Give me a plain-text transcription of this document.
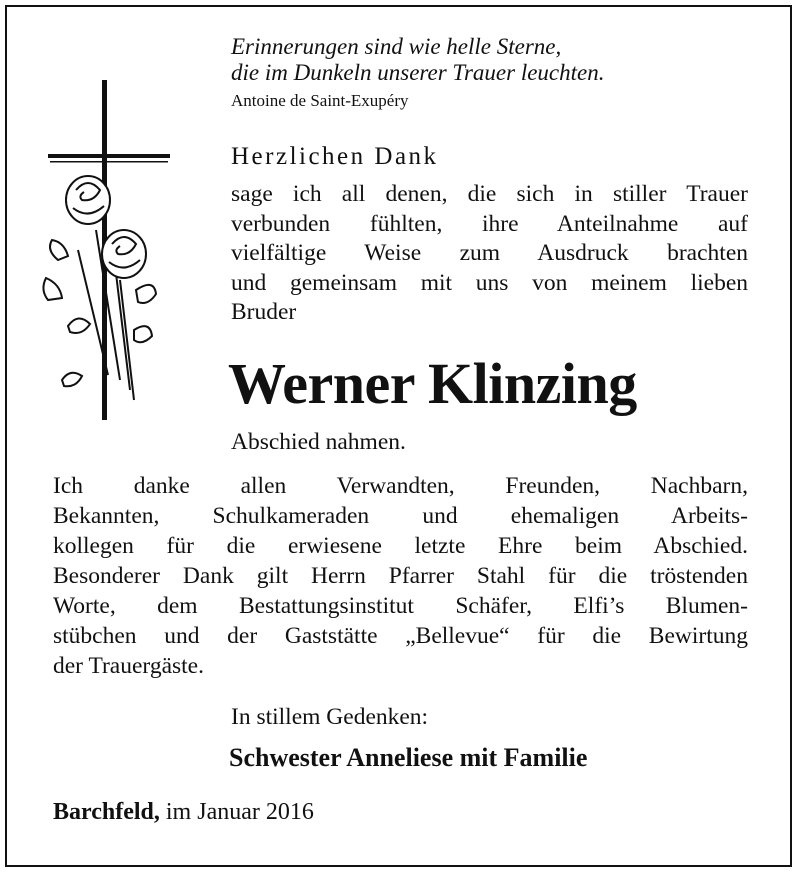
Erinnerungen sind wie helle Sterne,
die im Dunkeln unserer Trauer leuchten.
Antoine de Saint-Exupéry
Herzlichen Dank
sage ich all denen, die sich in stiller Trauer
verbunden fühlten, ihre Anteilnahme auf
vielfältige Weise zum Ausdruck brachten
und gemeinsam mit uns von meinem lieben
Bruder
Werner Klinzing
Abschied nahmen.
Ich danke allen Verwandten, Freunden, Nachbarn,
Bekannten, Schulkameraden und ehemaligen Arbeits-
kollegen für die erwiesene letzte Ehre beim Abschied.
Besonderer Dank gilt Herrn Pfarrer Stahl für die tröstenden
Worte, dem Bestattungsinstitut Schäfer, Elfi’s Blumen-
stübchen und der Gaststätte „Bellevue“ für die Bewirtung
der Trauergäste.
In stillem Gedenken:
Schwester Anneliese mit Familie
Barchfeld, im Januar 2016
